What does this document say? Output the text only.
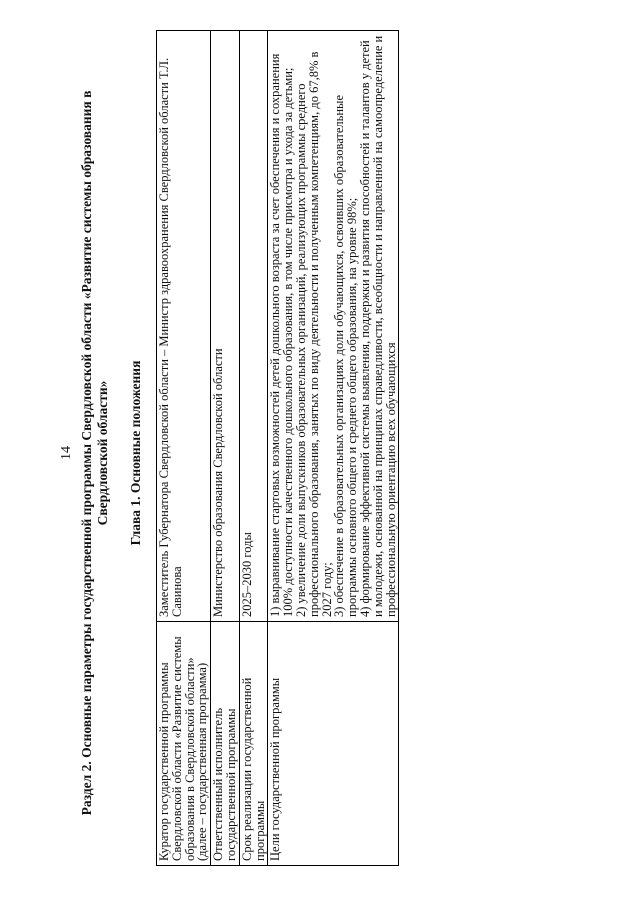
14 Раздел 2. Основные параметры государственной программы Свердловской области «Развитие системы образования в Свердловской области» Глава 1. Основные положения
Куратор государственной программы Свердловской области «Развитие системы образования в Свердловской области» (далее – государственная программа)	Заместитель Губернатора Свердловской области – Министр здравоохранения Свердловской области Т.Л. Савинова
Ответственный исполнитель государственной программы	Министерство образования Свердловской области
Срок реализации государственной программы	2025–2030 годы
Цели государственной программы	1) выравнивание стартовых возможностей детей дошкольного возраста за счет обеспечения и сохранения 100% доступности качественного дошкольного образования, в том числе присмотра и ухода за детьми;
2) увеличение доли выпускников образовательных организаций, реализующих программы среднего профессионального образования, занятых по виду деятельности и полученным компетенциям, до 67,8% в 2027 году;
3) обеспечение в образовательных организациях доли обучающихся, освоивших образовательные программы основного общего и среднего общего образования, на уровне 98%;
4) формирование эффективной системы выявления, поддержки и развития способностей и талантов у детей и молодежи, основанной на принципах справедливости, всеобщности и направленной на самоопределение и профессиональную ориентацию всех обучающихся
